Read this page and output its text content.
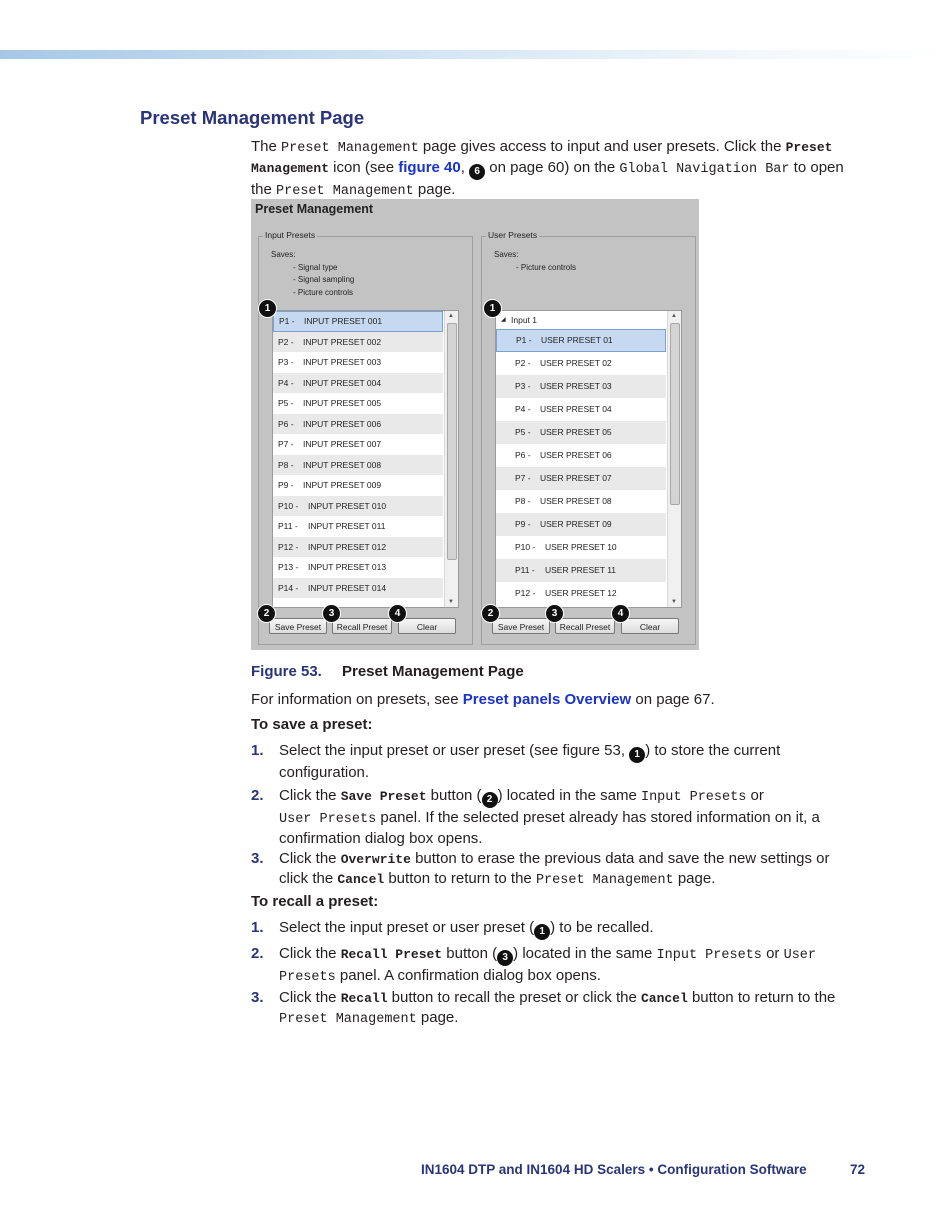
Preset Management Page
The Preset Management page gives access to input and user presets. Click the Preset
Management icon (see figure 40, 6 on page 60) on the Global Navigation Bar to open
the Preset Management page.
Preset Management
Input Presets
Saves:
- Signal type
- Signal sampling
- Picture controls
P1 - INPUT PRESET 001
P2 - INPUT PRESET 002
P3 - INPUT PRESET 003
P4 - INPUT PRESET 004
P5 - INPUT PRESET 005
P6 - INPUT PRESET 006
P7 - INPUT PRESET 007
P8 - INPUT PRESET 008
P9 - INPUT PRESET 009
P10 - INPUT PRESET 010
P11 - INPUT PRESET 011
P12 - INPUT PRESET 012
P13 - INPUT PRESET 013
P14 - INPUT PRESET 014
▲
▼
Save Preset	Recall Preset	Clear
User Presets
Saves:
- Picture controls
◢ Input 1
P1 - USER PRESET 01
P2 - USER PRESET 02
P3 - USER PRESET 03
P4 - USER PRESET 04
P5 - USER PRESET 05
P6 - USER PRESET 06
P7 - USER PRESET 07
P8 - USER PRESET 08
P9 - USER PRESET 09
P10 - USER PRESET 10
P11 - USER PRESET 11
P12 - USER PRESET 12
▲
▼
Save Preset	Recall Preset	Clear
1	1
2	3	4	2	3	4
Figure 53. Preset Management Page
For information on presets, see Preset panels Overview on page 67.
To save a preset:
1. Select the input preset or user preset (see figure 53, 1 ) to store the current configuration.
2. Click the Save Preset button ( 2 ) located in the same Input Presets or
User Presets panel. If the selected preset already has stored information on it, a confirmation dialog box opens.
3. Click the Overwrite button to erase the previous data and save the new settings or click the Cancel button to return to the Preset Management page.
To recall a preset:
1. Select the input preset or user preset ( 1 ) to be recalled.
2. Click the Recall Preset button ( 3 ) located in the same Input Presets or User Presets panel. A confirmation dialog box opens.
3. Click the Recall button to recall the preset or click the Cancel button to return to the
Preset Management page.
IN1604 DTP and IN1604 HD Scalers • Configuration Software	72
